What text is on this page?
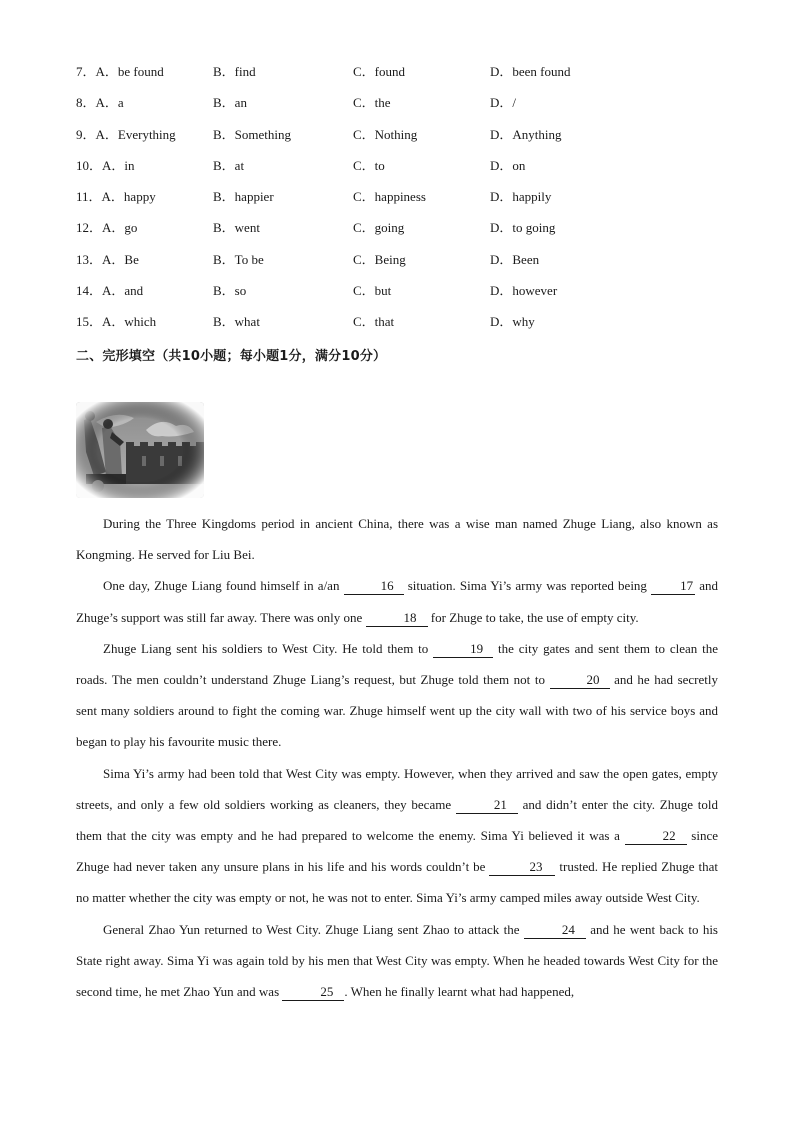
7．A．be found	B．find	C．found	D．been found
8．A．a	B．an	C．the	D．/
9．A．Everything	B．Something	C．Nothing	D．Anything
10．A．in	B．at	C．to	D．on
11．A．happy	B．happier	C．happiness	D．happily
12．A．go	B．went	C．going	D．to going
13．A．Be	B．To be	C．Being	D．Been
14．A．and	B．so	C．but	D．however
15．A．which	B．what	C．that	D．why
二、完形填空（共10小题；每小题1分，满分10分）

During the Three Kingdoms period in ancient China, there was a wise man named Zhuge Liang, also known as Kongming. He served for Liu Bei.

One day, Zhuge Liang found himself in a/an	16 situation. Sima Yi’s army was reported being 17 and Zhuge’s support was still far away. There was only one	18 for Zhuge to take, the use of empty city.

Zhuge Liang sent his soldiers to West City. He told them to	19 the city gates and sent them to clean the roads. The men couldn’t understand Zhuge Liang’s request, but Zhuge told them not to	20 and he had secretly sent many soldiers around to fight the coming war. Zhuge himself went up the city wall with two of his service boys and began to play his favourite music there.

Sima Yi’s army had been told that West City was empty. However, when they arrived and saw the open gates, empty streets, and only a few old soldiers working as cleaners, they became	21 and didn’t enter the city. Zhuge told them that the city was empty and he had prepared to welcome the enemy. Sima Yi believed it was a	22 since Zhuge had never taken any unsure plans in his life and his words couldn’t be	23 trusted. He replied Zhuge that no matter whether the city was empty or not, he was not to enter. Sima Yi’s army camped miles away outside West City.

General Zhao Yun returned to West City. Zhuge Liang sent Zhao to attack the	24 and he went back to his State right away. Sima Yi was again told by his men that West City was empty. When he headed towards West City for the second time, he met Zhao Yun and was	25 . When he finally learnt what had happened,
